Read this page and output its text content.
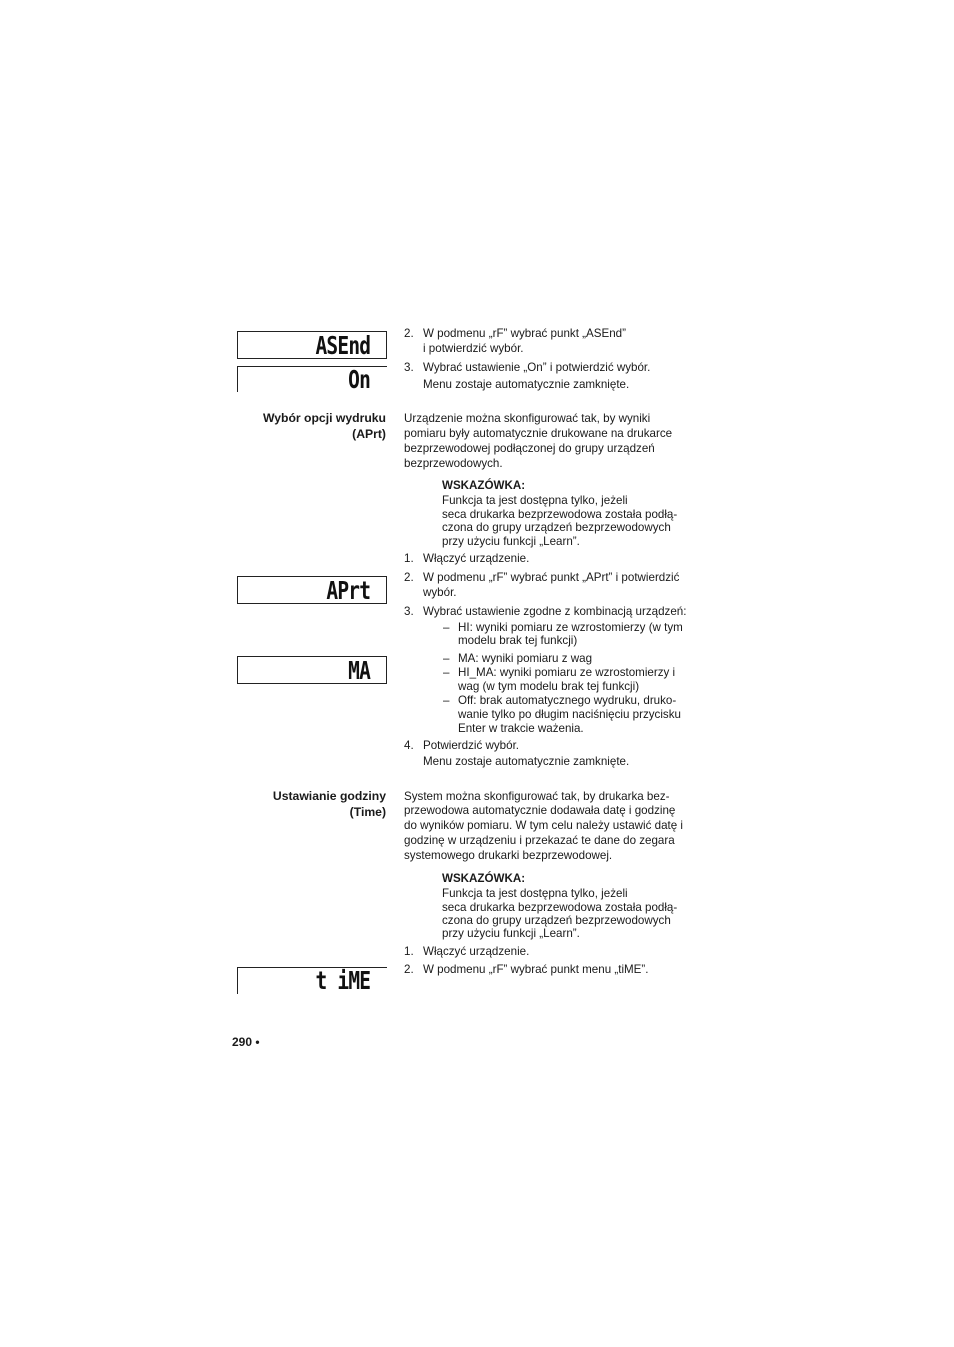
ASEnd
On
APrt
MA
t iME
2. W podmenu „rF” wybrać punkt „ASEnd”
i potwierdzić wybór.
3. Wybrać ustawienie „On” i potwierdzić wybór.
Menu zostaje automatycznie zamknięte.
Wybór opcji wydruku
(APrt)
Urządzenie można skonfigurować tak, by wyniki
pomiaru były automatycznie drukowane na drukarce
bezprzewodowej podłączonej do grupy urządzeń
bezprzewodowych.
WSKAZÓWKA:
Funkcja ta jest dostępna tylko, jeżeli
seca drukarka bezprzewodowa została podłą-
czona do grupy urządzeń bezprzewodowych
przy użyciu funkcji „Learn”.
1. Włączyć urządzenie.
2. W podmenu „rF” wybrać punkt „APrt” i potwierdzić
wybór.
3. Wybrać ustawienie zgodne z kombinacją urządzeń:
– HI: wyniki pomiaru ze wzrostomierzy (w tym
modelu brak tej funkcji)
– MA: wyniki pomiaru z wag
– HI_MA: wyniki pomiaru ze wzrostomierzy i
wag (w tym modelu brak tej funkcji)
– Off: brak automatycznego wydruku, druko-
wanie tylko po długim naciśnięciu przycisku
Enter w trakcie ważenia.
4. Potwierdzić wybór.
Menu zostaje automatycznie zamknięte.
Ustawianie godziny
(Time)
System można skonfigurować tak, by drukarka bez-
przewodowa automatycznie dodawała datę i godzinę
do wyników pomiaru. W tym celu należy ustawić datę i
godzinę w urządzeniu i przekazać te dane do zegara
systemowego drukarki bezprzewodowej.
WSKAZÓWKA:
Funkcja ta jest dostępna tylko, jeżeli
seca drukarka bezprzewodowa została podłą-
czona do grupy urządzeń bezprzewodowych
przy użyciu funkcji „Learn”.
1. Włączyć urządzenie.
2. W podmenu „rF” wybrać punkt menu „tiME”.
290 •
